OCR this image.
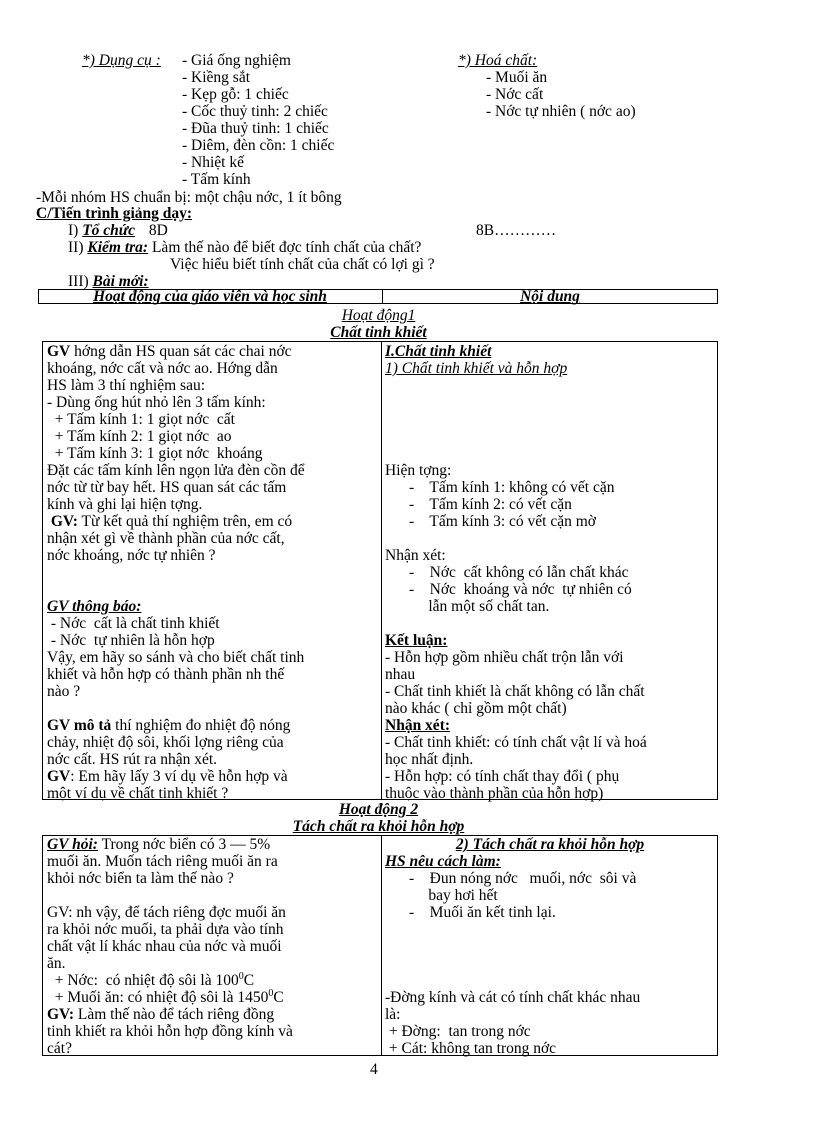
*) Dụng cụ : - Giá ống nghiệm
- Kiềng sắt
- Kẹp gỗ: 1 chiếc
- Cốc thuỷ tinh: 2 chiếc
- Đũa thuỷ tinh: 1 chiếc
- Diêm, đèn cồn: 1 chiếc
- Nhiệt kế
- Tấm kính
*) Hoá chất:
- Muối ăn
- Nớc cất
- Nớc tự nhiên ( nớc ao)
-Mỗi nhóm HS chuẩn bị: một chậu nớc, 1 ít bông
C/Tiến trình giảng dạy:
I) Tổ chức 8D	8B…………
II) Kiểm tra: Làm thế nào để biết đợc tính chất của chất?
Việc hiểu biết tính chất của chất có lợi gì ?
III) Bài mới:
Hoạt động của giáo viên và học sinh	Nội dung
Hoạt động1
Chất tinh khiết
GV hớng dẫn HS quan sát các chai nớc
khoáng, nớc cất và nớc ao. Hớng dẫn
HS làm 3 thí nghiệm sau:
- Dùng ống hút nhỏ lên 3 tấm kính:
+ Tấm kính 1: 1 giọt nớc  cất
+ Tấm kính 2: 1 giọt nớc  ao
+ Tấm kính 3: 1 giọt nớc  khoáng
Đặt các tấm kính lên ngọn lửa đèn cồn để
nớc từ từ bay hết. HS quan sát các tấm
kính và ghi lại hiện tợng.
GV: Từ kết quả thí nghiệm trên, em có
nhận xét gì về thành phần của nớc cất,
nớc khoáng, nớc tự nhiên ?
GV thông báo:
- Nớc  cất là chất tinh khiết
- Nớc  tự nhiên là hỗn hợp
Vậy, em hãy so sánh và cho biết chất tinh
khiết và hỗn hợp có thành phần nh thế
nào ?
GV mô tả thí nghiệm đo nhiệt độ nóng
chảy, nhiệt độ sôi, khối lợng riêng của
nớc cất. HS rút ra nhận xét.
GV: Em hãy lấy 3 ví dụ về hỗn hợp và
một ví dụ về chất tinh khiết ?
I.Chất tinh khiết
1) Chất tinh khiết và hỗn hợp
Hiện tợng:
-    Tấm kính 1: không có vết cặn
-    Tấm kính 2: có vết cặn
-    Tấm kính 3: có vết cặn mờ
Nhận xét:
-    Nớc  cất không có lẫn chất khác
-    Nớc  khoáng và nớc  tự nhiên có
lẫn một số chất tan.
Kết luận:
- Hỗn hợp gồm nhiều chất trộn lẫn với
nhau
- Chất tinh khiết là chất không có lẫn chất
nào khác ( chỉ gồm một chất)
Nhận xét:
- Chất tinh khiết: có tính chất vật lí và hoá
học nhất định.
- Hỗn hợp: có tính chất thay đổi ( phụ
thuộc vào thành phần của hỗn hợp)
Hoạt động 2
Tách chất ra khỏi hỗn hợp
GV hỏi: Trong nớc biển có 3 — 5%
muối ăn. Muốn tách riêng muối ăn ra
khỏi nớc biển ta làm thế nào ?
GV: nh vậy, để tách riêng đợc muối ăn
ra khỏi nớc muối, ta phải dựa vào tính
chất vật lí khác nhau của nớc và muối
ăn.
+ Nớc:  có nhiệt độ sôi là $100^0C$
+ Muối ăn: có nhiệt độ sôi là 1450$^0$C
GV: Làm thế nào để tách riêng đồng
tinh khiết ra khỏi hỗn hợp đồng kính và
cát?
2) Tách chất ra khỏi hỗn hợp
HS nêu cách làm:
-    Đun nóng nớc   muối, nớc  sôi và
bay hơi hết
-    Muối ăn kết tinh lại.
-Đờng kính và cát có tính chất khác nhau
là:
+ Đờng:  tan trong nớc
+ Cát: không tan trong nớc
4
